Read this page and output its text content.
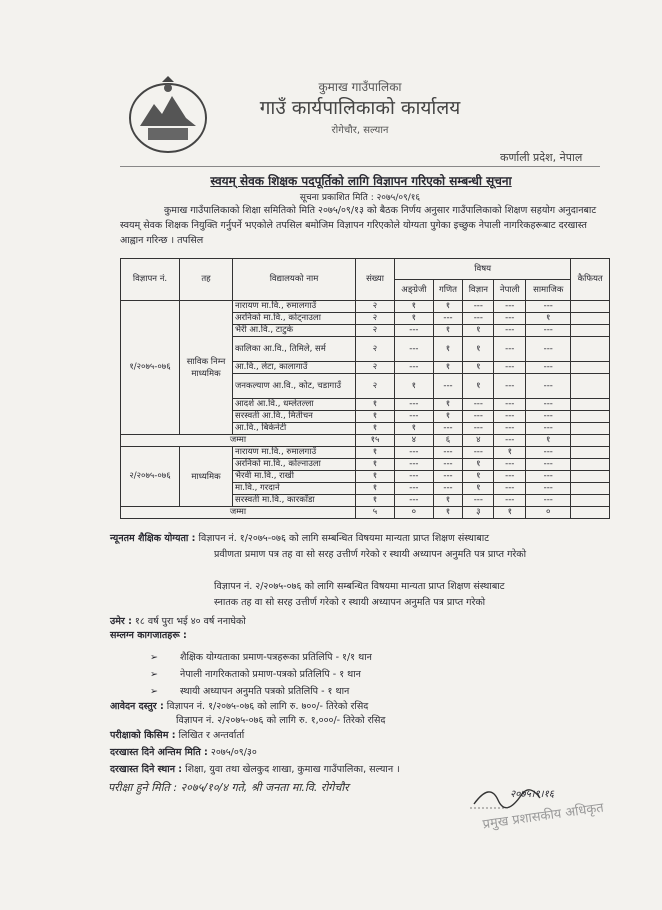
कुमाख गाउँपालिका
गाउँ कार्यपालिकाको कार्यालय
रोगेचौर, सल्यान
कर्णाली प्रदेश, नेपाल
स्वयम् सेवक शिक्षक पदपूर्तिको लागि विज्ञापन गरिएको सम्बन्धी सूचना
सूचना प्रकाशित मिति : २०७५/०९/१६
कुमाख गाउँपालिकाको शिक्षा समितिको मिति २०७५/०९/१३ को बैठक निर्णय अनुसार गाउँपालिकाको शिक्षण सहयोग अनुदानबाट स्वयम् सेवक शिक्षक नियुक्ति गर्नुपर्ने भएकोले तपसिल बमोजिम विज्ञापन गरिएकोले योग्यता पुगेका इच्छुक नेपाली नागरिकहरूबाट दरखास्त आह्वान गरिन्छ । तपसिल
विज्ञापन नं.	तह	विद्यालयको नाम	संख्या	विषय					कैफियत
				अङ्ग्रेजी	गणित	विज्ञान	नेपाली	सामाजिक	
१/२०७५-०७६	साविक निम्न माध्यमिक	नारायण मा.वि., रुमालगाउँ	२	१	१	---	---	---	
		अरनिको मा.वि., कोट्नाउला	२	१	---	---	---	१	
		भैरी आ.वि., टाटुके	२	---	१	१	---	---	
		कालिका आ.वि., तिमिले, सर्म	२	---	१	१	---	---	
		आ.वि., लेटा, कालागाउँ	२	---	१	१	---	---	
		जनकल्याण आ.वि., कोट, चडागाउँ	२	१	---	१	---	---	
		आदर्श आ.वि., धम्लेतल्ला	१	---	१	---	---	---	
		सरस्वती आ.वि., मितीचन	१	---	१	---	---	---	
		आ.वि., बिकेनेटी	१	१	---	---	---	---	
जम्मा			१५	४	६	४	---	१	
२/२०७५-०७६	माध्यमिक	नारायण मा.वि., रुमालगाउँ	१	---	---	---	१	---	
		अरनिको मा.वि., कोल्नाउला	१	---	---	१	---	---	
		भैरवी मा.वि., राखी	१	---	---	१	---	---	
		मा.वि., गरदाने	१	---	---	१	---	---	
		सरस्वती मा.वि., कारकाँडा	१	---	१	---	---	---	
जम्मा			५	०	१	३	१	०	
न्यूनतम शैक्षिक योग्यता : विज्ञापन नं. १/२०७५-०७६ को लागि सम्बन्धित विषयमा मान्यता प्राप्त शिक्षण संस्थाबाट
प्रवीणता प्रमाण पत्र तह वा सो सरह उत्तीर्ण गरेको र स्थायी अध्यापन अनुमति पत्र प्राप्त गरेको
विज्ञापन नं. २/२०७५-०७६ को लागि सम्बन्धित विषयमा मान्यता प्राप्त शिक्षण संस्थाबाट
स्नातक तह वा सो सरह उत्तीर्ण गरेको र स्थायी अध्यापन अनुमति पत्र प्राप्त गरेको
उमेर : १८ वर्ष पुरा भई ४० वर्ष ननाघेको
सम्लग्न कागजातहरू :
➢ शैक्षिक योग्यताका प्रमाण-पत्रहरूका प्रतिलिपि - १/१ थान
➢ नेपाली नागरिकताको प्रमाण-पत्रको प्रतिलिपि - १ थान
➢ स्थायी अध्यापन अनुमति पत्रको प्रतिलिपि - १ थान
आवेदन दस्तुर : विज्ञापन नं. १/२०७५-०७६ को लागि रु. ७००/- तिरेको रसिद
विज्ञापन नं. २/२०७५-०७६ को लागि रु. १,०००/- तिरेको रसिद
परीक्षाको किसिम : लिखित र अन्तर्वार्ता
दरखास्त दिने अन्तिम मिति : २०७५/०९/३०
दरखास्त दिने स्थान : शिक्षा, युवा तथा खेलकुद शाखा, कुमाख गाउँपालिका, सल्यान ।
परीक्षा हुने मिति : २०७५/१०/४ गते, श्री जनता मा.वि. रोगेचौर
२०७५।९।१६
प्रमुख प्रशासकीय अधिकृत
